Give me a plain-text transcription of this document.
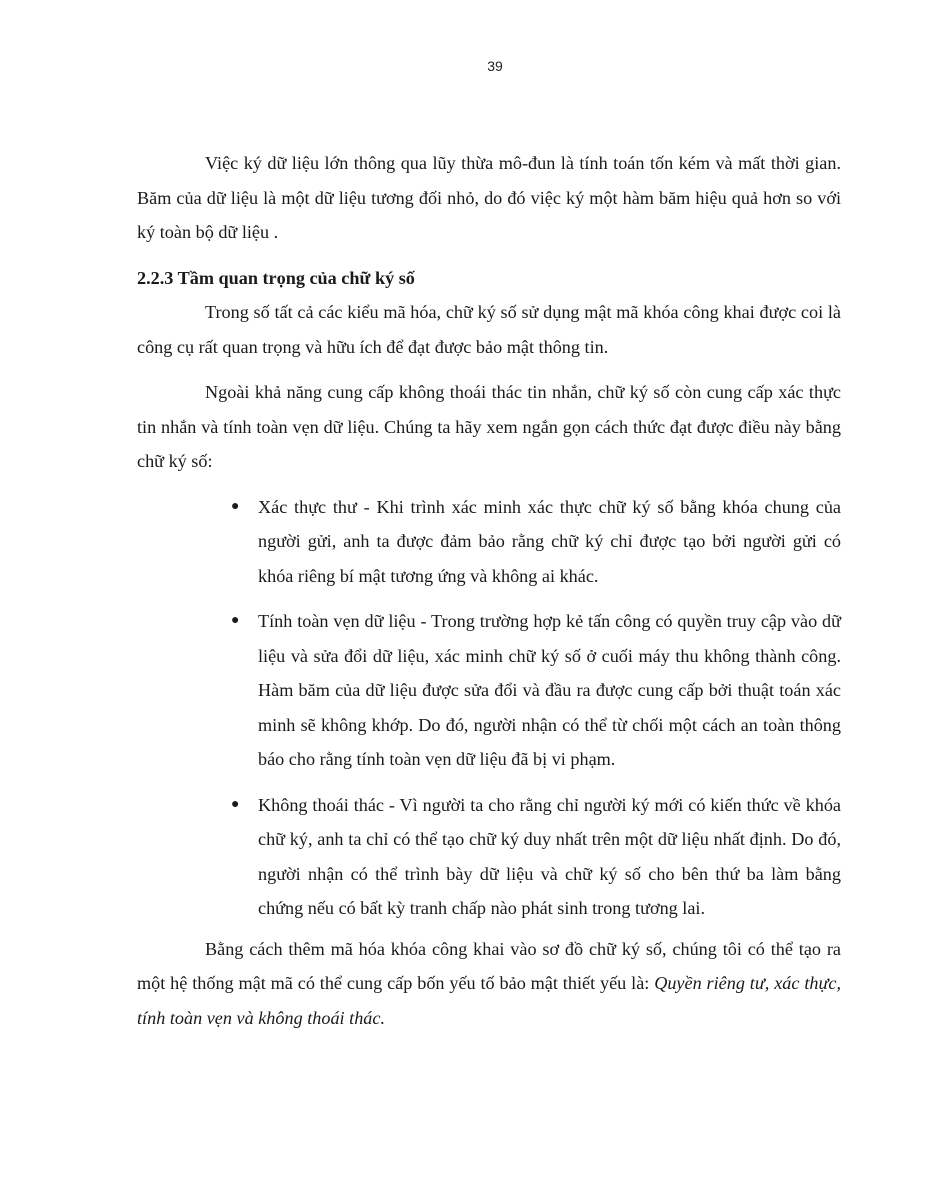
39

Việc ký dữ liệu lớn thông qua lũy thừa mô-đun là tính toán tốn kém và mất thời gian. Băm của dữ liệu là một dữ liệu tương đối nhỏ, do đó việc ký một hàm băm hiệu quả hơn so với ký toàn bộ dữ liệu .

2.2.3 Tầm quan trọng của chữ ký số

Trong số tất cả các kiểu mã hóa, chữ ký số sử dụng mật mã khóa công khai được coi là công cụ rất quan trọng và hữu ích để đạt được bảo mật thông tin.

Ngoài khả năng cung cấp không thoái thác tin nhắn, chữ ký số còn cung cấp xác thực tin nhắn và tính toàn vẹn dữ liệu. Chúng ta hãy xem ngắn gọn cách thức đạt được điều này bằng chữ ký số:

● Xác thực thư - Khi trình xác minh xác thực chữ ký số bằng khóa chung của người gửi, anh ta được đảm bảo rằng chữ ký chỉ được tạo bởi người gửi có khóa riêng bí mật tương ứng và không ai khác.
● Tính toàn vẹn dữ liệu - Trong trường hợp kẻ tấn công có quyền truy cập vào dữ liệu và sửa đổi dữ liệu, xác minh chữ ký số ở cuối máy thu không thành công. Hàm băm của dữ liệu được sửa đổi và đầu ra được cung cấp bởi thuật toán xác minh sẽ không khớp. Do đó, người nhận có thể từ chối một cách an toàn thông báo cho rằng tính toàn vẹn dữ liệu đã bị vi phạm.
● Không thoái thác - Vì người ta cho rằng chỉ người ký mới có kiến thức về khóa chữ ký, anh ta chỉ có thể tạo chữ ký duy nhất trên một dữ liệu nhất định. Do đó, người nhận có thể trình bày dữ liệu và chữ ký số cho bên thứ ba làm bằng chứng nếu có bất kỳ tranh chấp nào phát sinh trong tương lai.

Bằng cách thêm mã hóa khóa công khai vào sơ đồ chữ ký số, chúng tôi có thể tạo ra một hệ thống mật mã có thể cung cấp bốn yếu tố bảo mật thiết yếu là: Quyền riêng tư, xác thực, tính toàn vẹn và không thoái thác.
